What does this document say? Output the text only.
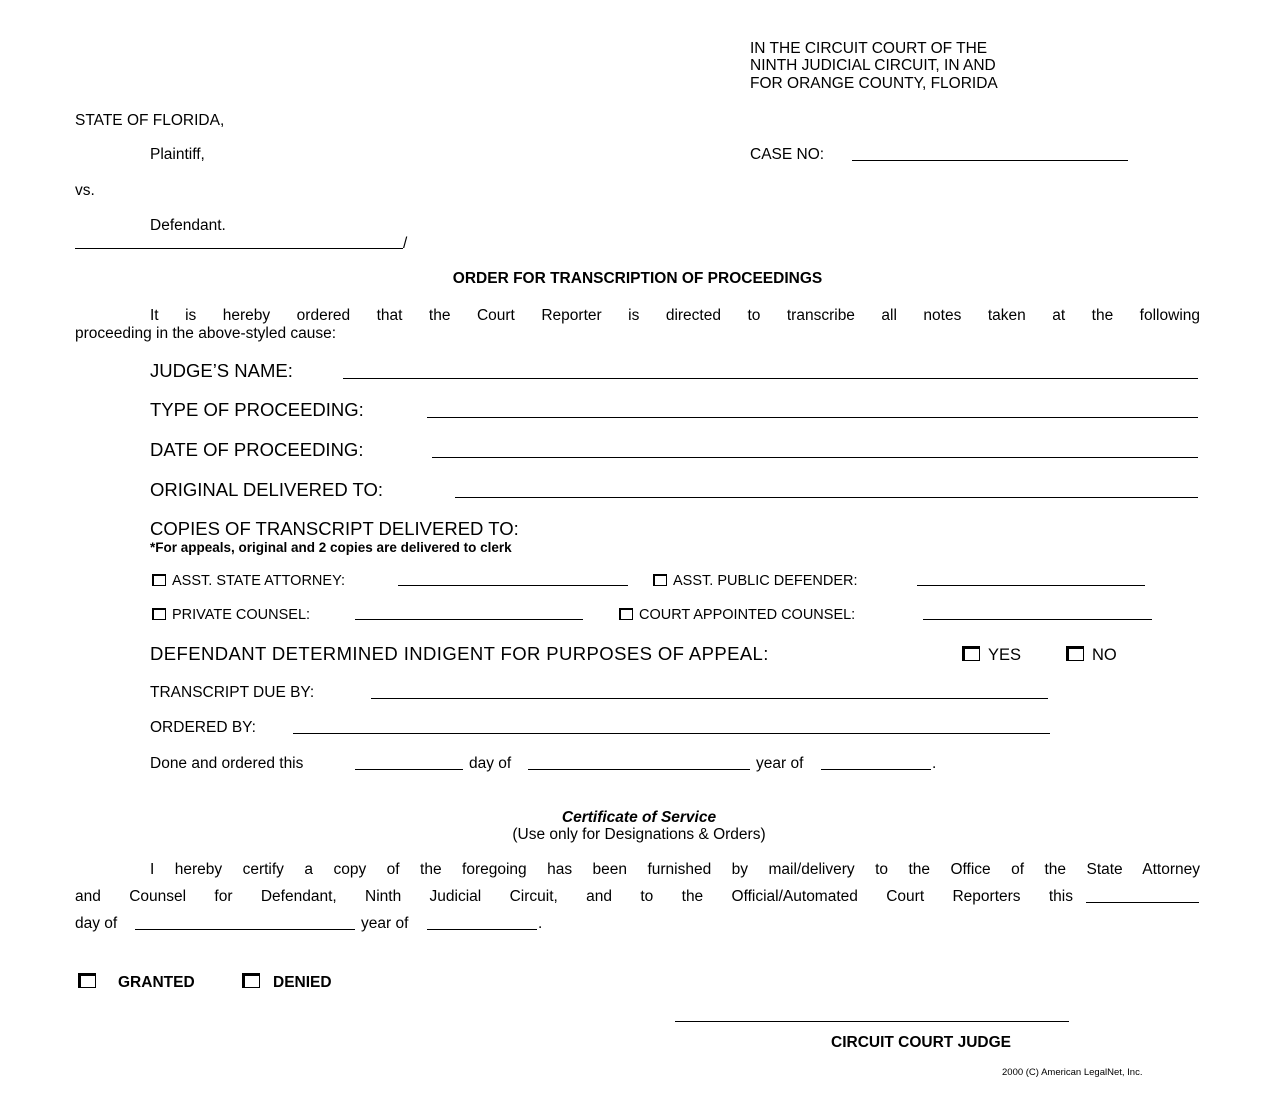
IN THE CIRCUIT COURT OF THE
NINTH JUDICIAL CIRCUIT, IN AND
FOR ORANGE COUNTY, FLORIDA
STATE OF FLORIDA,
Plaintiff,
vs.
Defendant.
/
CASE NO:
ORDER FOR TRANSCRIPTION OF PROCEEDINGS
It is hereby ordered that the Court Reporter is directed to transcribe all notes taken at the following
proceeding in the above-styled cause:
JUDGE’S NAME:
TYPE OF PROCEEDING:
DATE OF PROCEEDING:
ORIGINAL DELIVERED TO:
COPIES OF TRANSCRIPT DELIVERED TO:
*For appeals, original and 2 copies are delivered to clerk
ASST. STATE ATTORNEY:	ASST. PUBLIC DEFENDER:
PRIVATE COUNSEL:	COURT APPOINTED COUNSEL:
DEFENDANT DETERMINED INDIGENT FOR PURPOSES OF APPEAL:	YES	NO
TRANSCRIPT DUE BY:
ORDERED BY:
Done and ordered this	day of	year of	.
Certificate of Service
(Use only for Designations & Orders)
I hereby certify a copy of the foregoing has been furnished by mail/delivery to the Office of the State Attorney
and Counsel for Defendant, Ninth Judicial Circuit, and to the Official/Automated Court Reporters this
day of	year of	.
GRANTED	DENIED
CIRCUIT COURT JUDGE
2000 (C) American LegalNet, Inc.
